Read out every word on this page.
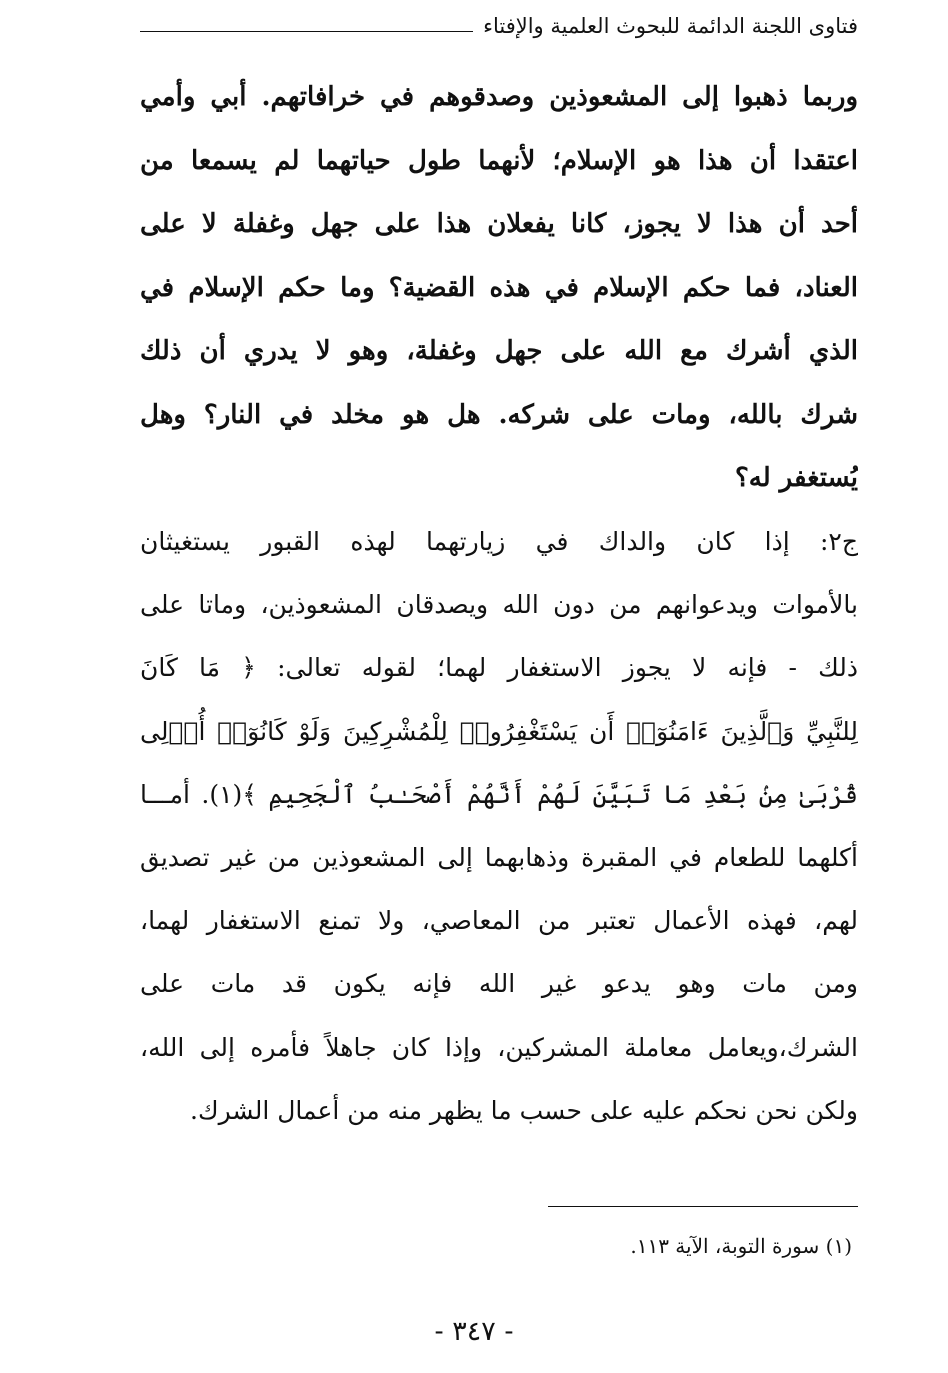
فتاوى اللجنة الدائمة للبحوث العلمية والإفتاء
وربما ذهبوا إلى المشعوذين وصدقوهم في خرافاتهم. أبي وأمي
اعتقدا أن هذا هو الإسلام؛ لأنهما طول حياتهما لم يسمعا من
أحد أن هذا لا يجوز، كانا يفعلان هذا على جهل وغفلة لا على
العناد، فما حكم الإسلام في هذه القضية؟ وما حكم الإسلام في
الذي أشرك مع الله على جهل وغفلة، وهو لا يدري أن ذلك
شرك بالله، ومات على شركه. هل هو مخلد في النار؟ وهل
يُستغفر له؟
ج٢: إذا كان والداك في زيارتهما لهذه القبور يستغيثان
بالأموات ويدعوانهم من دون الله ويصدقان المشعوذين، وماتا على
ذلك - فإنه لا يجوز الاستغفار لهما؛ لقوله تعالى: ﴿ مَا كَانَ
لِلنَّبِيِّ وَٱلَّذِينَ ءَامَنُوٓا۟ أَن يَسْتَغْفِرُوا۟ لِلْمُشْرِكِينَ وَلَوْ كَانُوٓا۟ أُو۟لِى
قُرْبَىٰ مِنۢ بَعْدِ مَا تَبَيَّنَ لَهُمْ أَنَّهُمْ أَصْحَـٰبُ ٱلْجَحِيمِ ﴾(١). أمـــا
أكلهما للطعام في المقبرة وذهابهما إلى المشعوذين من غير تصديق
لهم، فهذه الأعمال تعتبر من المعاصي، ولا تمنع الاستغفار لهما،
ومن مات وهو يدعو غير الله فإنه يكون قد مات على
الشرك،ويعامل معاملة المشركين، وإذا كان جاهلاً فأمره إلى الله،
ولكن نحن نحكم عليه على حسب ما يظهر منه من أعمال الشرك.
(١) سورة التوبة، الآية ١١٣.
- ٣٤٧ -
